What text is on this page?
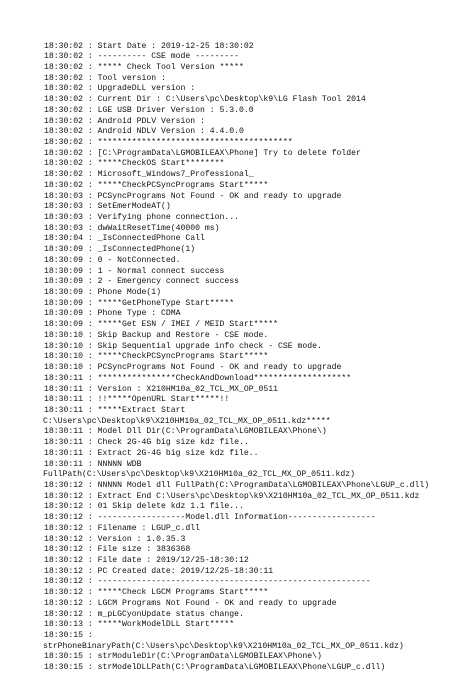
18:30:02 : Start Date : 2019-12-25 18:30:02
18:30:02 : ---------- CSE mode ---------
18:30:02 : ***** Check Tool Version *****
18:30:02 : Tool version :
18:30:02 : UpgradeDLL version :
18:30:02 : Current Dir : C:\Users\pc\Desktop\k9\LG Flash Tool 2014
18:30:02 : LGE USB Driver Version : 5.3.0.0
18:30:02 : Android PDLV Version :
18:30:02 : Android NDLV Version : 4.4.0.0
18:30:02 : ****************************************
18:30:02 : [C:\ProgramData\LGMOBILEAX\Phone] Try to delete folder
18:30:02 : *****CheckOS Start********
18:30:02 : Microsoft_Windows7_Professional_
18:30:02 : *****CheckPCSyncPrograms Start*****
18:30:03 : PCSyncPrograms Not Found - OK and ready to upgrade
18:30:03 : SetEmerModeAT()
18:30:03 : Verifying phone connection...
18:30:03 : dwWaitResetTime(40000 ms)
18:30:04 : _IsConnectedPhone Call
18:30:09 : _IsConnectedPhone(1)
18:30:09 : 0 - NotConnected.
18:30:09 : 1 - Normal connect success
18:30:09 : 2 - Emergency connect success
18:30:09 : Phone Mode(1)
18:30:09 : *****GetPhoneType Start*****
18:30:09 : Phone Type : CDMA
18:30:09 : *****Get ESN / IMEI / MEID Start*****
18:30:10 : Skip Backup and Restore - CSE mode.
18:30:10 : Skip Sequential upgrade info check - CSE mode.
18:30:10 : *****CheckPCSyncPrograms Start*****
18:30:10 : PCSyncPrograms Not Found - OK and ready to upgrade
18:30:11 : ****************CheckAndDownload********************
18:30:11 : Version : X210HM10a_02_TCL_MX_OP_0511
18:30:11 : !!*****OpenURL Start*****!!
18:30:11 : *****Extract Start
C:\Users\pc\Desktop\k9\X210HM10a_02_TCL_MX_OP_0511.kdz*****
18:30:11 : Model Dll Dir(C:\ProgramData\LGMOBILEAX\Phone\)
18:30:11 : Check 2G-4G big size kdz file..
18:30:11 : Extract 2G-4G big size kdz file..
18:30:11 : NNNNN WDB
FullPath(C:\Users\pc\Desktop\k9\X210HM10a_02_TCL_MX_OP_0511.kdz)
18:30:12 : NNNNN Model dll FullPath(C:\ProgramData\LGMOBILEAX\Phone\LGUP_c.dll)
18:30:12 : Extract End C:\Users\pc\Desktop\k9\X210HM10a_02_TCL_MX_OP_0511.kdz
18:30:12 : 01 Skip delete kdz 1.1 file...
18:30:12 : ------------------Model.dll Information------------------
18:30:12 : Filename : LGUP_c.dll
18:30:12 : Version : 1.0.35.3
18:30:12 : File size : 3836368
18:30:12 : File date : 2019/12/25-18:30:12
18:30:12 : PC Created date: 2019/12/25-18:30:11
18:30:12 : --------------------------------------------------------
18:30:12 : *****Check LGCM Programs Start*****
18:30:12 : LGCM Programs Not Found - OK and ready to upgrade
18:30:12 : m_pLGCyonUpdate status change.
18:30:13 : *****WorkModelDLL Start*****
18:30:15 :
strPhoneBinaryPath(C:\Users\pc\Desktop\k9\X210HM10a_02_TCL_MX_OP_0511.kdz)
18:30:15 : strModuleDir(C:\ProgramData\LGMOBILEAX\Phone\)
18:30:15 : strModelDLLPath(C:\ProgramData\LGMOBILEAX\Phone\LGUP_c.dll)
